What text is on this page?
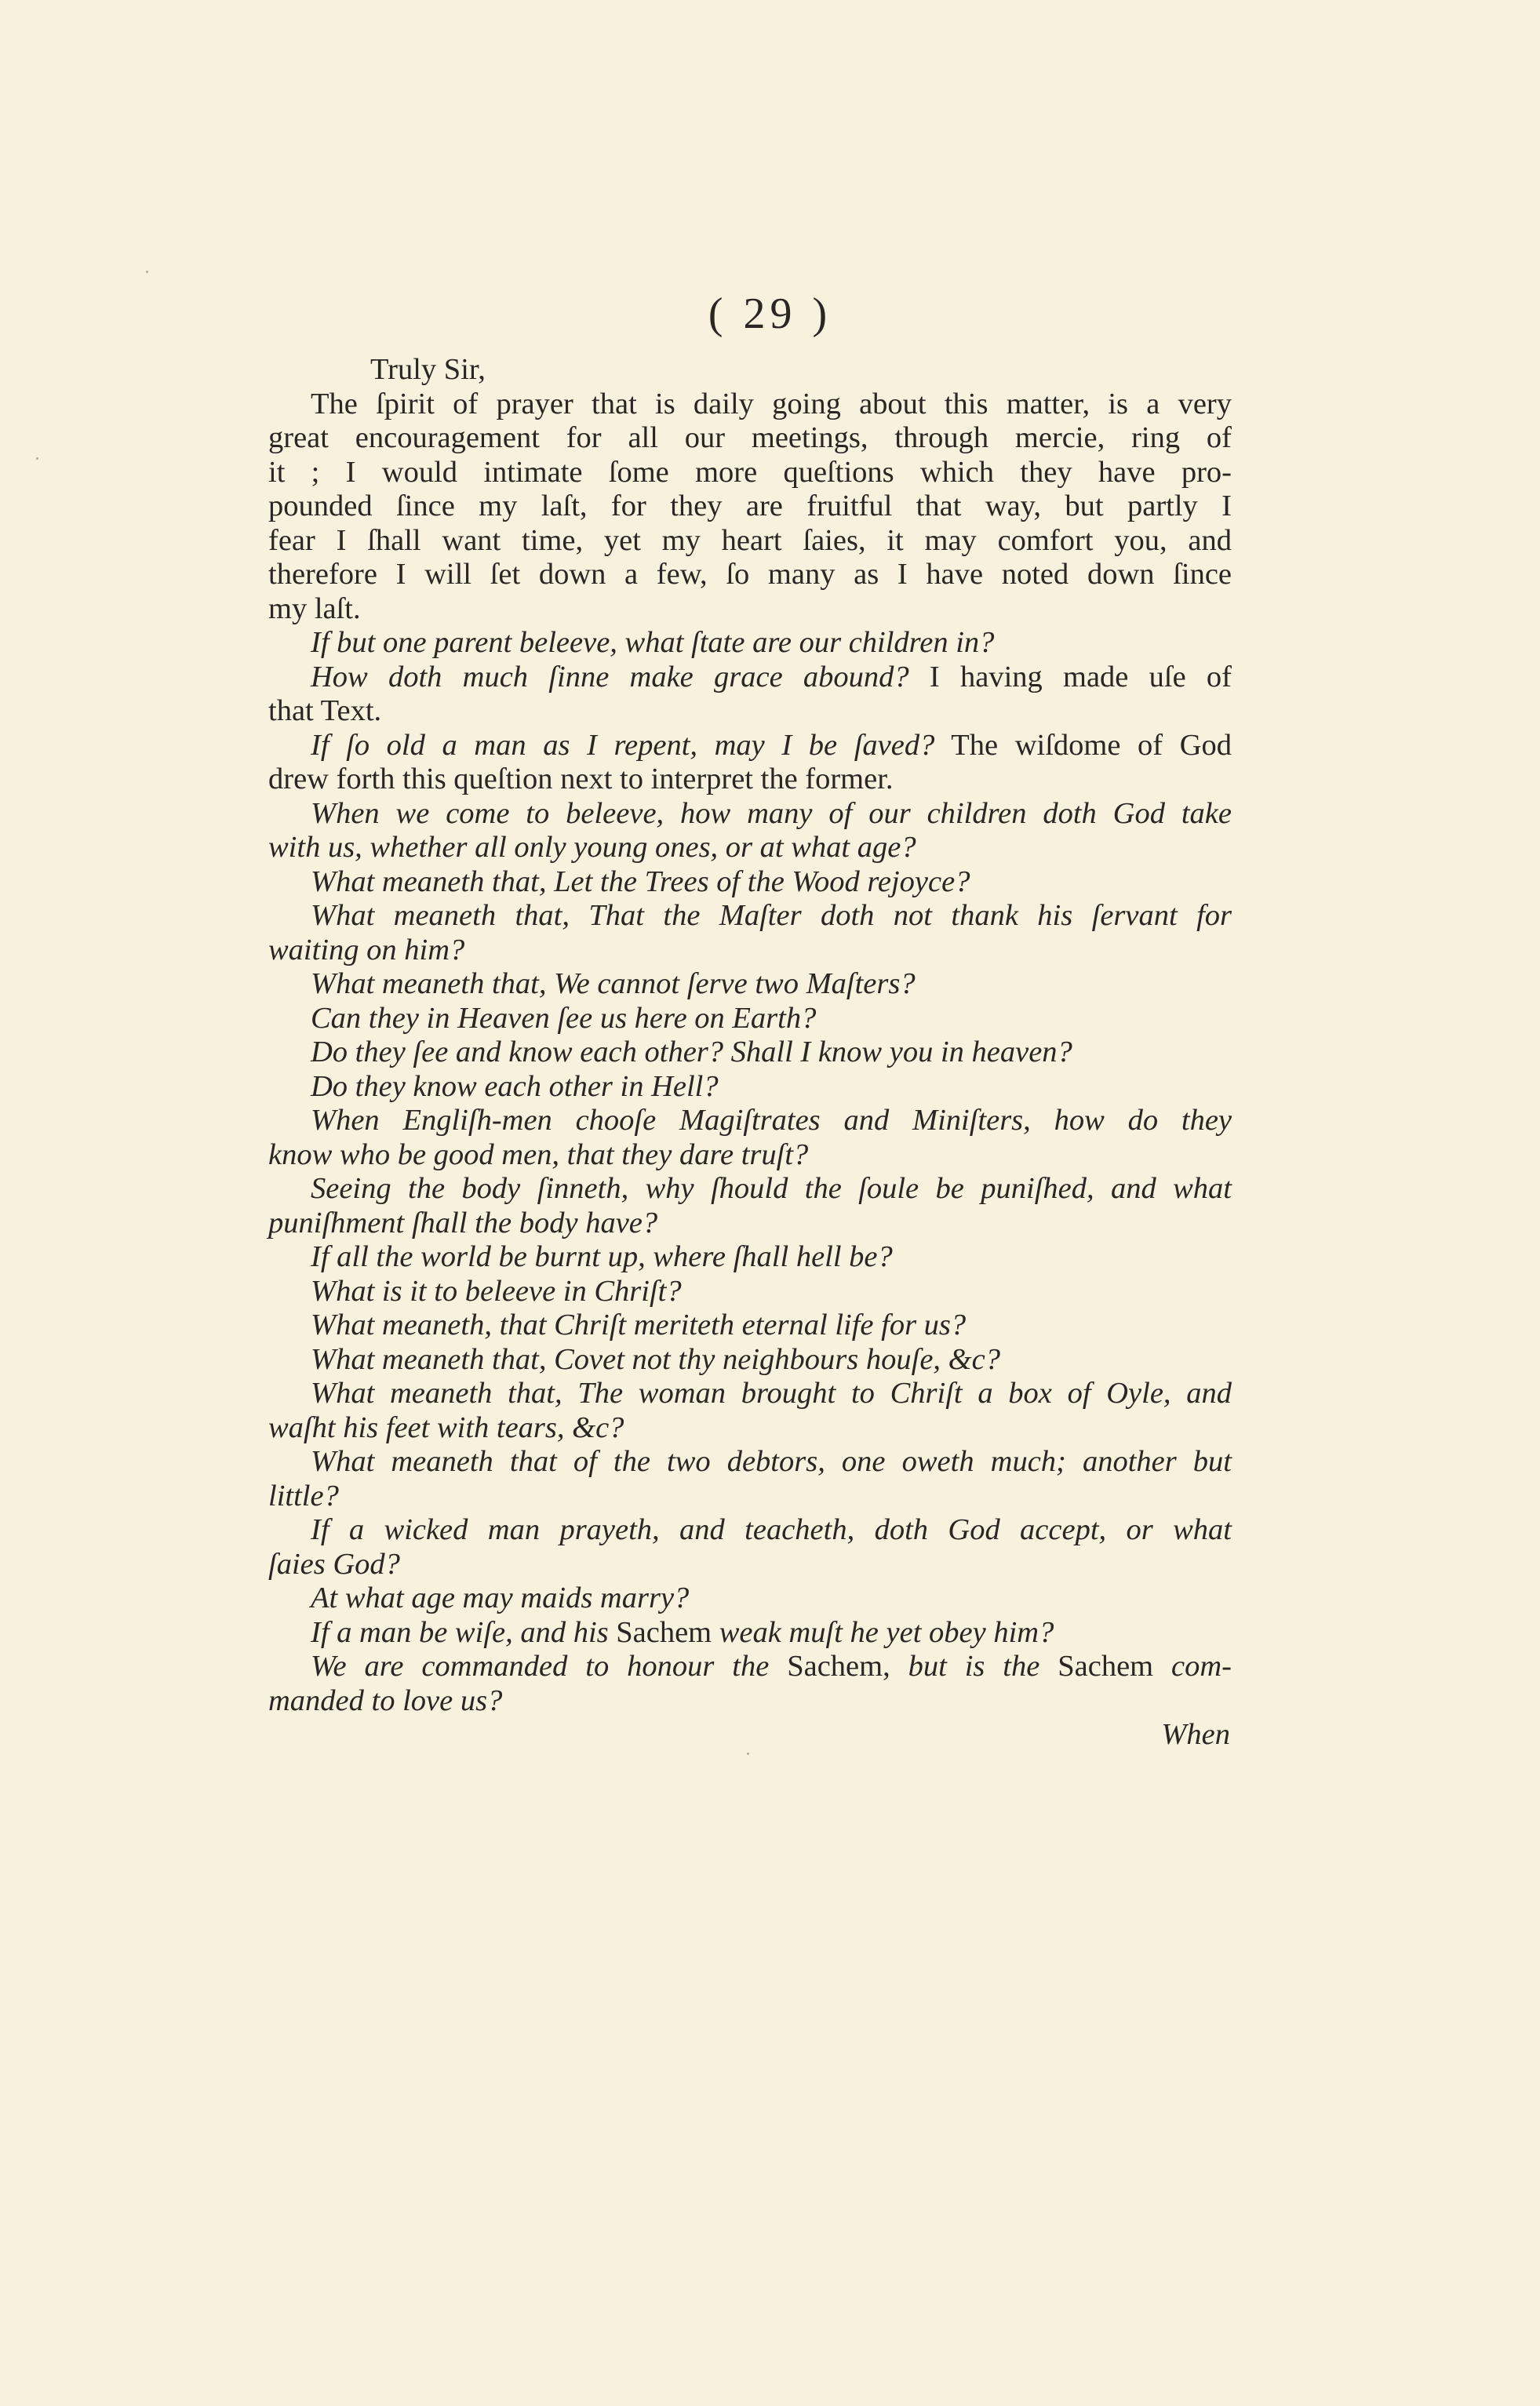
( 29 )
Truly Sir,
The ſpirit of prayer that is daily going about this matter, is a very
great encouragement for all our meetings, through mercie, ring of
it ; I would intimate ſome more queſtions which they have pro-
pounded ſince my laſt, for they are fruitful that way, but partly I
fear I ſhall want time, yet my heart ſaies, it may comfort you, and
therefore I will ſet down a few, ſo many as I have noted down ſince
my laſt.
If but one parent beleeve, what ſtate are our children in?
How doth much ſinne make grace abound? I having made uſe of
that Text.
If ſo old a man as I repent, may I be ſaved? The wiſdome of God
drew forth this queſtion next to interpret the former.
When we come to beleeve, how many of our children doth God take
with us, whether all only young ones, or at what age?
What meaneth that, Let the Trees of the Wood rejoyce?
What meaneth that, That the Maſter doth not thank his ſervant for
waiting on him?
What meaneth that, We cannot ſerve two Maſters?
Can they in Heaven ſee us here on Earth?
Do they ſee and know each other? Shall I know you in heaven?
Do they know each other in Hell?
When Engliſh-men chooſe Magiſtrates and Miniſters, how do they
know who be good men, that they dare truſt?
Seeing the body ſinneth, why ſhould the ſoule be puniſhed, and what
puniſhment ſhall the body have?
If all the world be burnt up, where ſhall hell be?
What is it to beleeve in Chriſt?
What meaneth, that Chriſt meriteth eternal life for us?
What meaneth that, Covet not thy neighbours houſe, &c?
What meaneth that, The woman brought to Chriſt a box of Oyle, and
waſht his feet with tears, &c?
What meaneth that of the two debtors, one oweth much; another but
little?
If a wicked man prayeth, and teacheth, doth God accept, or what
ſaies God?
At what age may maids marry?
If a man be wiſe, and his Sachem weak muſt he yet obey him?
We are commanded to honour the Sachem, but is the Sachem com-
manded to love us?
When
